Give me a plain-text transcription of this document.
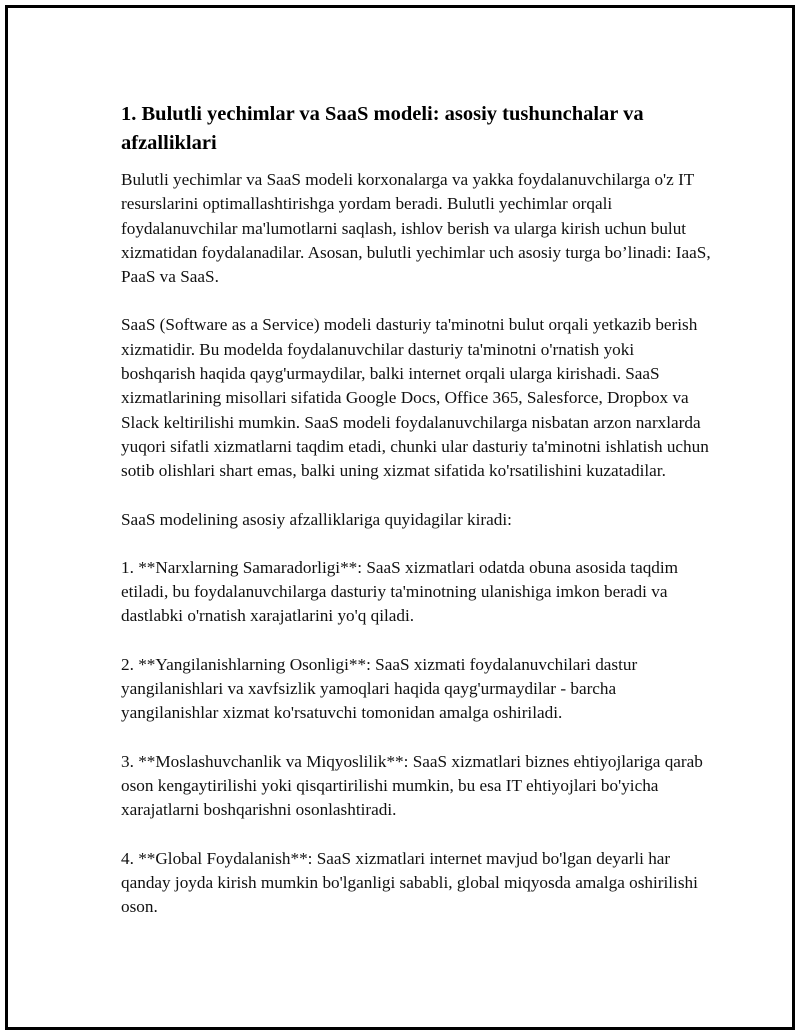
1. Bulutli yechimlar va SaaS modeli: asosiy tushunchalar va afzalliklari

Bulutli yechimlar va SaaS modeli korxonalarga va yakka foydalanuvchilarga o'z IT resurslarini optimallashtirishga yordam beradi. Bulutli yechimlar orqali foydalanuvchilar ma'lumotlarni saqlash, ishlov berish va ularga kirish uchun bulut xizmatidan foydalanadilar. Asosan, bulutli yechimlar uch asosiy turga bo’linadi: IaaS, PaaS va SaaS.

SaaS (Software as a Service) modeli dasturiy ta'minotni bulut orqali yetkazib berish xizmatidir. Bu modelda foydalanuvchilar dasturiy ta'minotni o'rnatish yoki boshqarish haqida qayg'urmaydilar, balki internet orqali ularga kirishadi. SaaS xizmatlarining misollari sifatida Google Docs, Office 365, Salesforce, Dropbox va Slack keltirilishi mumkin. SaaS modeli foydalanuvchilarga nisbatan arzon narxlarda yuqori sifatli xizmatlarni taqdim etadi, chunki ular dasturiy ta'minotni ishlatish uchun sotib olishlari shart emas, balki uning xizmat sifatida ko'rsatilishini kuzatadilar.

SaaS modelining asosiy afzalliklariga quyidagilar kiradi:

1. **Narxlarning Samaradorligi**: SaaS xizmatlari odatda obuna asosida taqdim etiladi, bu foydalanuvchilarga dasturiy ta'minotning ulanishiga imkon beradi va dastlabki o'rnatish xarajatlarini yo'q qiladi.

2. **Yangilanishlarning Osonligi**: SaaS xizmati foydalanuvchilari dastur yangilanishlari va xavfsizlik yamoqlari haqida qayg'urmaydilar - barcha yangilanishlar xizmat ko'rsatuvchi tomonidan amalga oshiriladi.

3. **Moslashuvchanlik va Miqyoslilik**: SaaS xizmatlari biznes ehtiyojlariga qarab oson kengaytirilishi yoki qisqartirilishi mumkin, bu esa IT ehtiyojlari bo'yicha xarajatlarni boshqarishni osonlashtiradi.

4. **Global Foydalanish**: SaaS xizmatlari internet mavjud bo'lgan deyarli har qanday joyda kirish mumkin bo'lganligi sababli, global miqyosda amalga oshirilishi oson.
